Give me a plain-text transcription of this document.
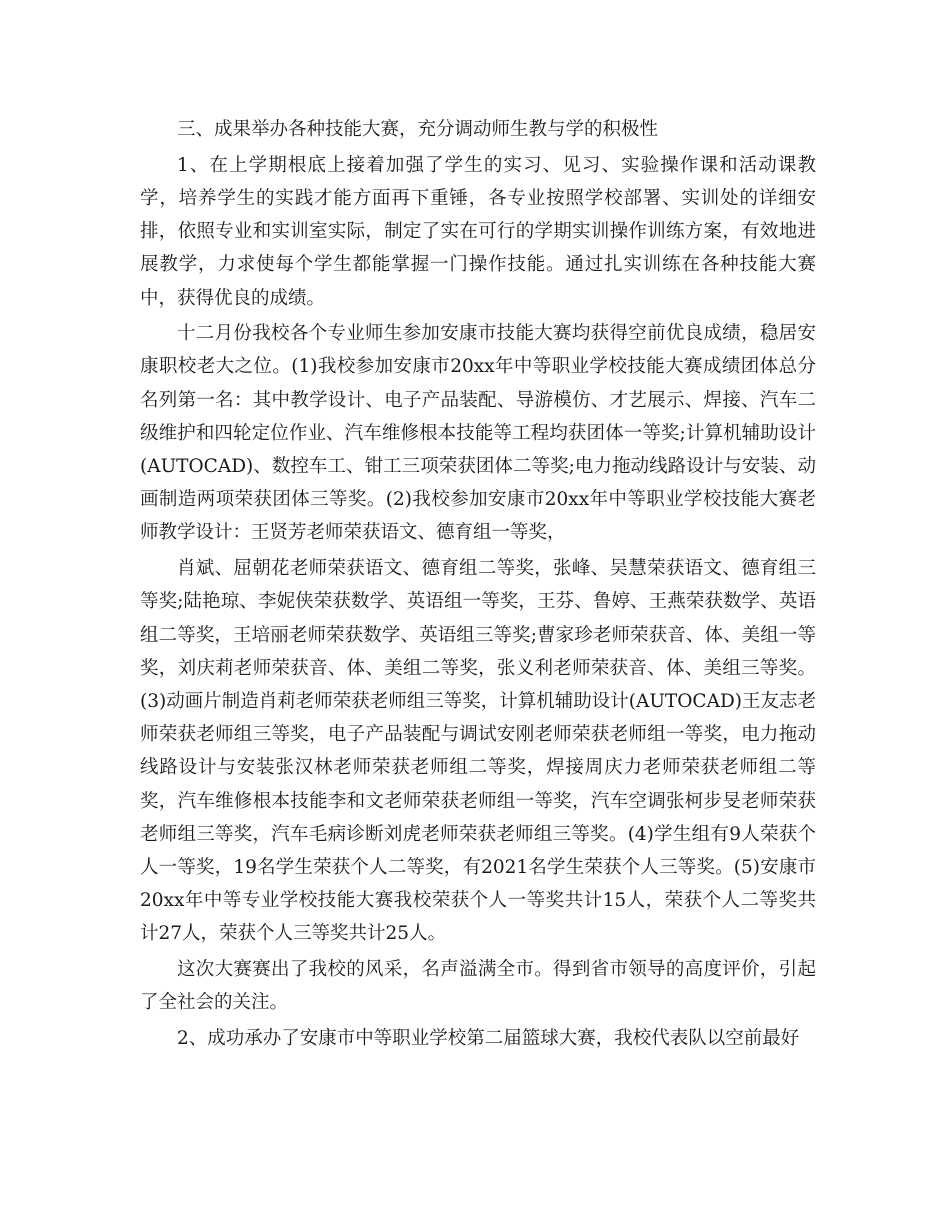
三、成果举办各种技能大赛，充分调动师生教与学的积极性

1、在上学期根底上接着加强了学生的实习、见习、实验操作课和活动课教学，培养学生的实践才能方面再下重锤，各专业按照学校部署、实训处的详细安排，依照专业和实训室实际，制定了实在可行的学期实训操作训练方案，有效地进展教学，力求使每个学生都能掌握一门操作技能。通过扎实训练在各种技能大赛中，获得优良的成绩。

十二月份我校各个专业师生参加安康市技能大赛均获得空前优良成绩，稳居安康职校老大之位。(1)我校参加安康市20xx年中等职业学校技能大赛成绩团体总分名列第一名：其中教学设计、电子产品装配、导游模仿、才艺展示、焊接、汽车二级维护和四轮定位作业、汽车维修根本技能等工程均获团体一等奖;计算机辅助设计(AUTOCAD)、数控车工、钳工三项荣获团体二等奖;电力拖动线路设计与安装、动画制造两项荣获团体三等奖。(2)我校参加安康市20xx年中等职业学校技能大赛老师教学设计：王贤芳老师荣获语文、德育组一等奖，

肖斌、屈朝花老师荣获语文、德育组二等奖，张峰、吴慧荣获语文、德育组三等奖;陆艳琼、李妮侠荣获数学、英语组一等奖，王芬、鲁婷、王燕荣获数学、英语组二等奖，王培丽老师荣获数学、英语组三等奖;曹家珍老师荣获音、体、美组一等奖，刘庆莉老师荣获音、体、美组二等奖，张义利老师荣获音、体、美组三等奖。(3)动画片制造肖莉老师荣获老师组三等奖，计算机辅助设计(AUTOCAD)王友志老师荣获老师组三等奖，电子产品装配与调试安刚老师荣获老师组一等奖，电力拖动线路设计与安装张汉林老师荣获老师组二等奖，焊接周庆力老师荣获老师组二等奖，汽车维修根本技能李和文老师荣获老师组一等奖，汽车空调张柯步旻老师荣获老师组三等奖，汽车毛病诊断刘虎老师荣获老师组三等奖。(4)学生组有9人荣获个人一等奖，19名学生荣获个人二等奖，有2021名学生荣获个人三等奖。(5)安康市20xx年中等专业学校技能大赛我校荣获个人一等奖共计15人，荣获个人二等奖共计27人，荣获个人三等奖共计25人。

这次大赛赛出了我校的风采，名声溢满全市。得到省市领导的高度评价，引起了全社会的关注。

2、成功承办了安康市中等职业学校第二届篮球大赛，我校代表队以空前最好
